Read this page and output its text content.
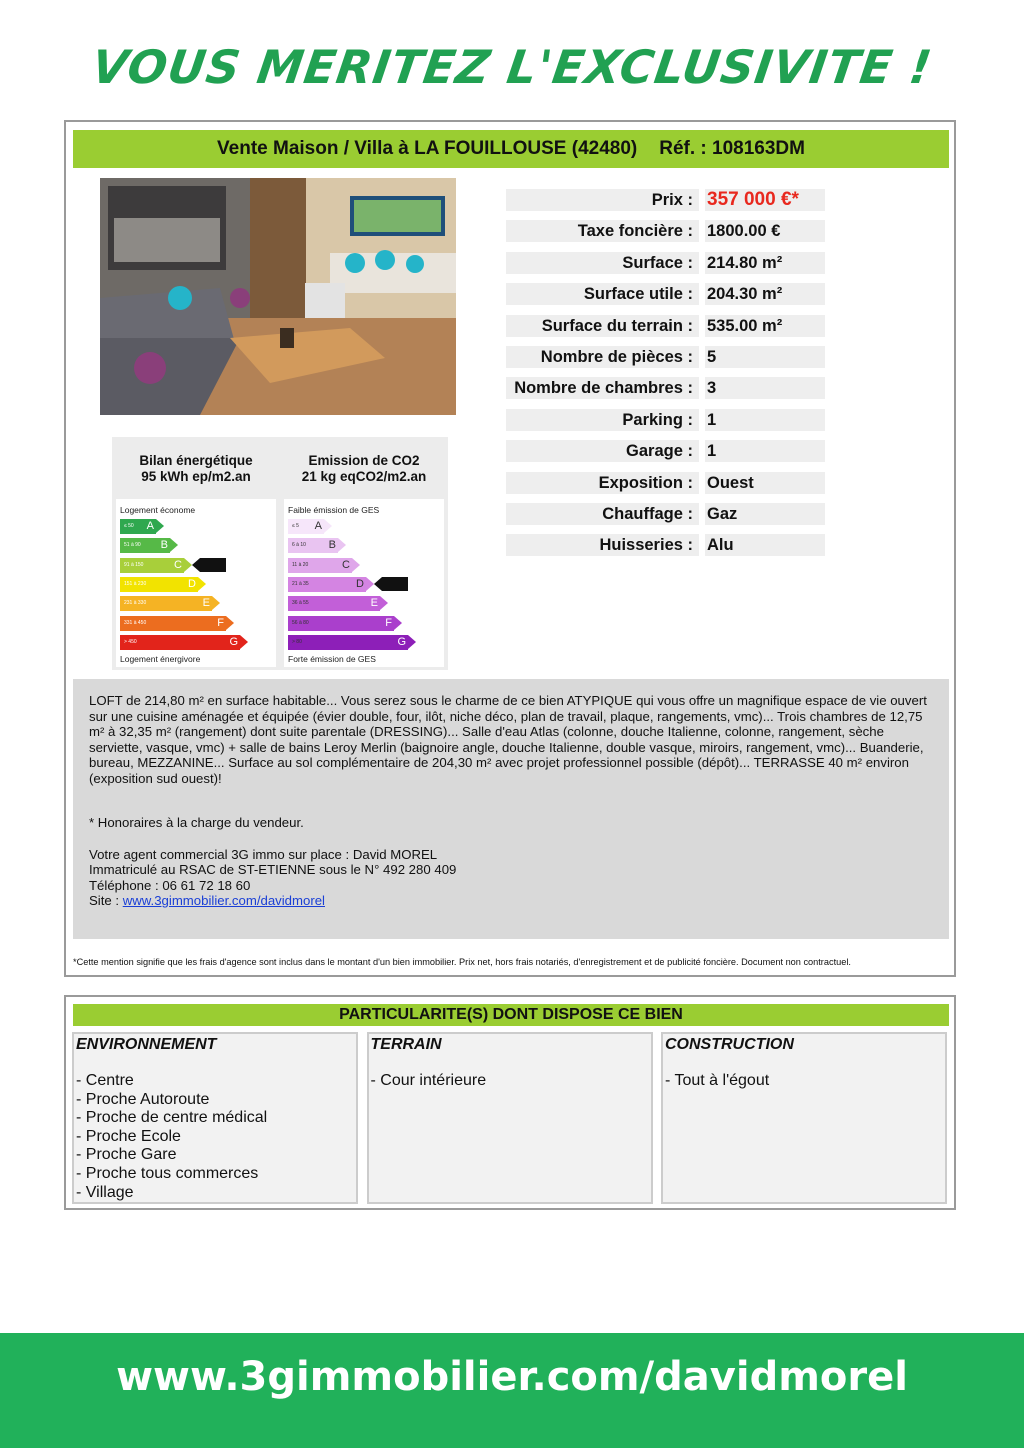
VOUS MERITEZ L'EXCLUSIVITE !
Vente Maison / Villa à LA FOUILLOUSE (42480) Réf. : 108163DM
Bilan énergétique
95 kWh ep/m2.an
Logement économe
Logement énergivore
≤ 50 A
51 à 90 B
91 à 150	C
151 à 230	D
231 à 330	E
331 à 450	F
> 450	G
Emission de CO2
21 kg eqCO2/m2.an
Faible émission de GES
Forte émission de GES
≤ 5 A
6 à 10 B
11 à 20	C
21 à 35	D
36 à 55	E
56 à 80	F
> 80	G
Prix : 357 000 €*
Taxe foncière : 1800.00 €
Surface : 214.80 m²
Surface utile : 204.30 m²
Surface du terrain : 535.00 m²
Nombre de pièces : 5
Nombre de chambres : 3
Parking : 1
Garage : 1
Exposition : Ouest
Chauffage : Gaz
Huisseries : Alu

LOFT de 214,80 m² en surface habitable... Vous serez sous le charme de ce bien ATYPIQUE qui vous offre un magnifique espace de vie ouvert sur une cuisine aménagée et équipée (évier double, four, ilôt, niche déco, plan de travail, plaque, rangements, vmc)... Trois chambres de 12,75 m² à 32,35 m² (rangement) dont suite parentale (DRESSING)... Salle d'eau Atlas (colonne, douche Italienne, colonne, rangement, sèche serviette, vasque, vmc) + salle de bains Leroy Merlin (baignoire angle, douche Italienne, double vasque, miroirs, rangement, vmc)... Buanderie, bureau, MEZZANINE... Surface au sol complémentaire de 204,30 m² avec projet professionnel possible (dépôt)... TERRASSE 40 m² environ (exposition sud ouest)!

* Honoraires à la charge du vendeur.

Votre agent commercial 3G immo sur place : David MOREL

Immatriculé au RSAC de ST-ETIENNE sous le N° 492 280 409

Téléphone : 06 61 72 18 60

Site : www.3gimmobilier.com/davidmorel

*Cette mention signifie que les frais d'agence sont inclus dans le montant d'un bien immobilier. Prix net, hors frais notariés, d'enregistrement et de publicité foncière. Document non contractuel.
PARTICULARITE(S) DONT DISPOSE CE BIEN
ENVIRONNEMENT
- Centre
- Proche Autoroute
- Proche de centre médical
- Proche Ecole
- Proche Gare
- Proche tous commerces
- Village
TERRAIN
- Cour intérieure
CONSTRUCTION
- Tout à l'égout
www.3gimmobilier.com/davidmorel
